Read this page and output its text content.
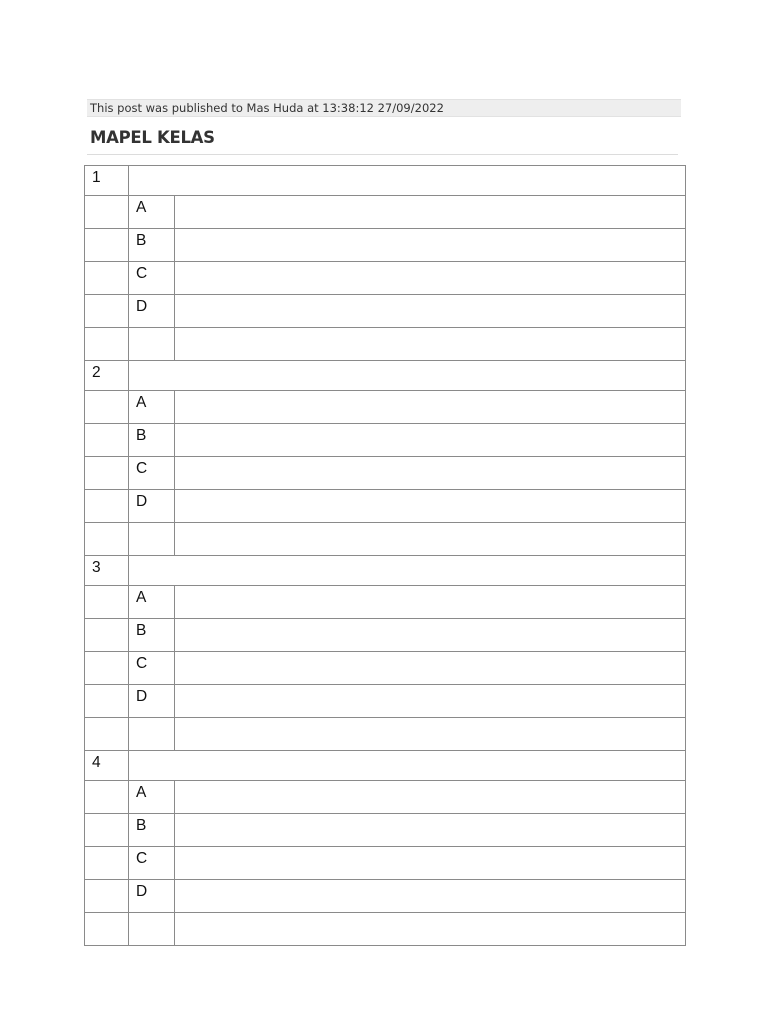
This post was published to Mas Huda at 13:38:12 27/09/2022
MAPEL KELAS
1		
	A	
	B	
	C	
	D	

2		
	A	
	B	
	C	
	D	

3		
	A	
	B	
	C	
	D	

4		
	A	
	B	
	C	
	D	
